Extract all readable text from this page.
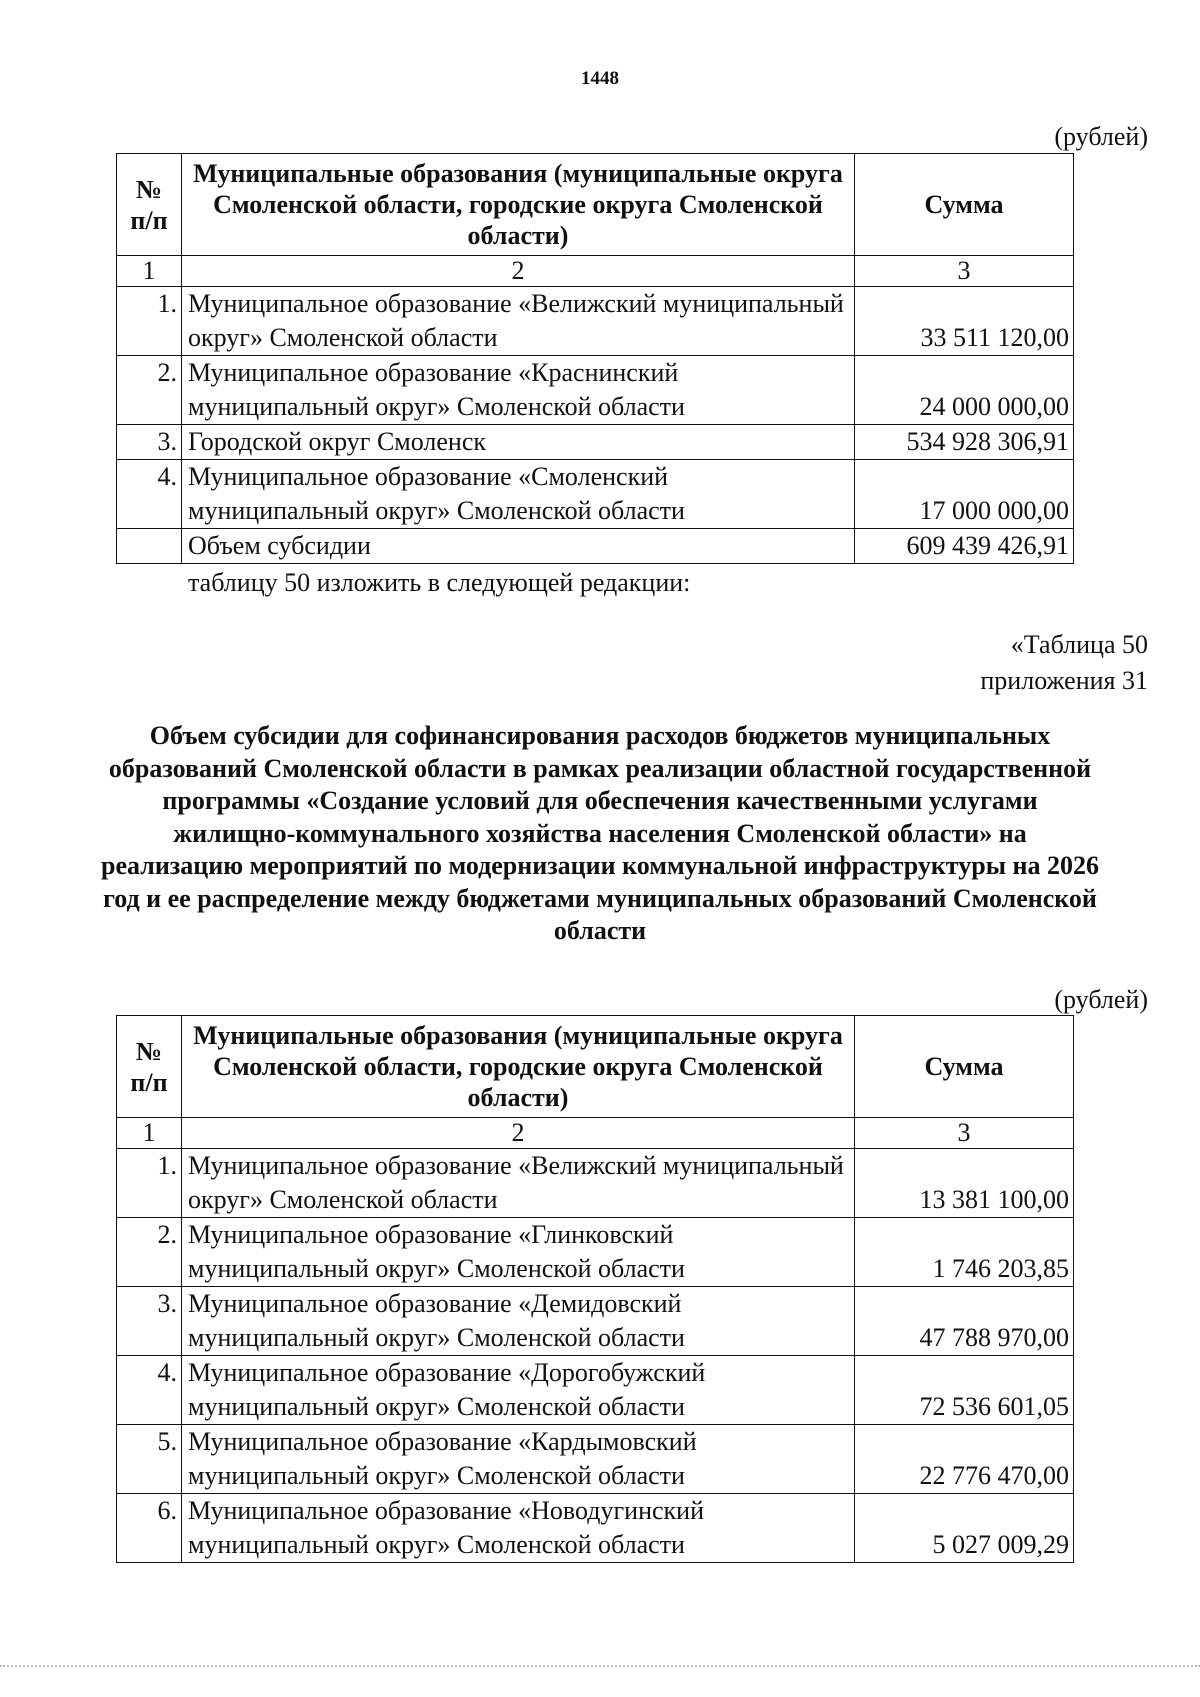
1448
(рублей)
№ п/п	Муниципальные образования (муниципальные округа Смоленской области, городские округа Смоленской области)	Сумма
1	2	3
1.	Муниципальное образование «Велижский муниципальный округ» Смоленской области	33 511 120,00
2.	Муниципальное образование «Краснинский муниципальный округ» Смоленской области	24 000 000,00
3.	Городской округ Смоленск	534 928 306,91
4.	Муниципальное образование «Смоленский муниципальный округ» Смоленской области	17 000 000,00
	Объем субсидии	609 439 426,91
таблицу 50 изложить в следующей редакции:
«Таблица 50
приложения 31
Объем субсидии для софинансирования расходов бюджетов муниципальных образований Смоленской области в рамках реализации областной государственной программы «Создание условий для обеспечения качественными услугами жилищно-коммунального хозяйства населения Смоленской области» на реализацию мероприятий по модернизации коммунальной инфраструктуры на 2026 год и ее распределение между бюджетами муниципальных образований Смоленской области
(рублей)
№ п/п	Муниципальные образования (муниципальные округа Смоленской области, городские округа Смоленской области)	Сумма
1	2	3
1.	Муниципальное образование «Велижский муниципальный округ» Смоленской области	13 381 100,00
2.	Муниципальное образование «Глинковский муниципальный округ» Смоленской области	1 746 203,85
3.	Муниципальное образование «Демидовский муниципальный округ» Смоленской области	47 788 970,00
4.	Муниципальное образование «Дорогобужский муниципальный округ» Смоленской области	72 536 601,05
5.	Муниципальное образование «Кардымовский муниципальный округ» Смоленской области	22 776 470,00
6.	Муниципальное образование «Новодугинский муниципальный округ» Смоленской области	5 027 009,29
